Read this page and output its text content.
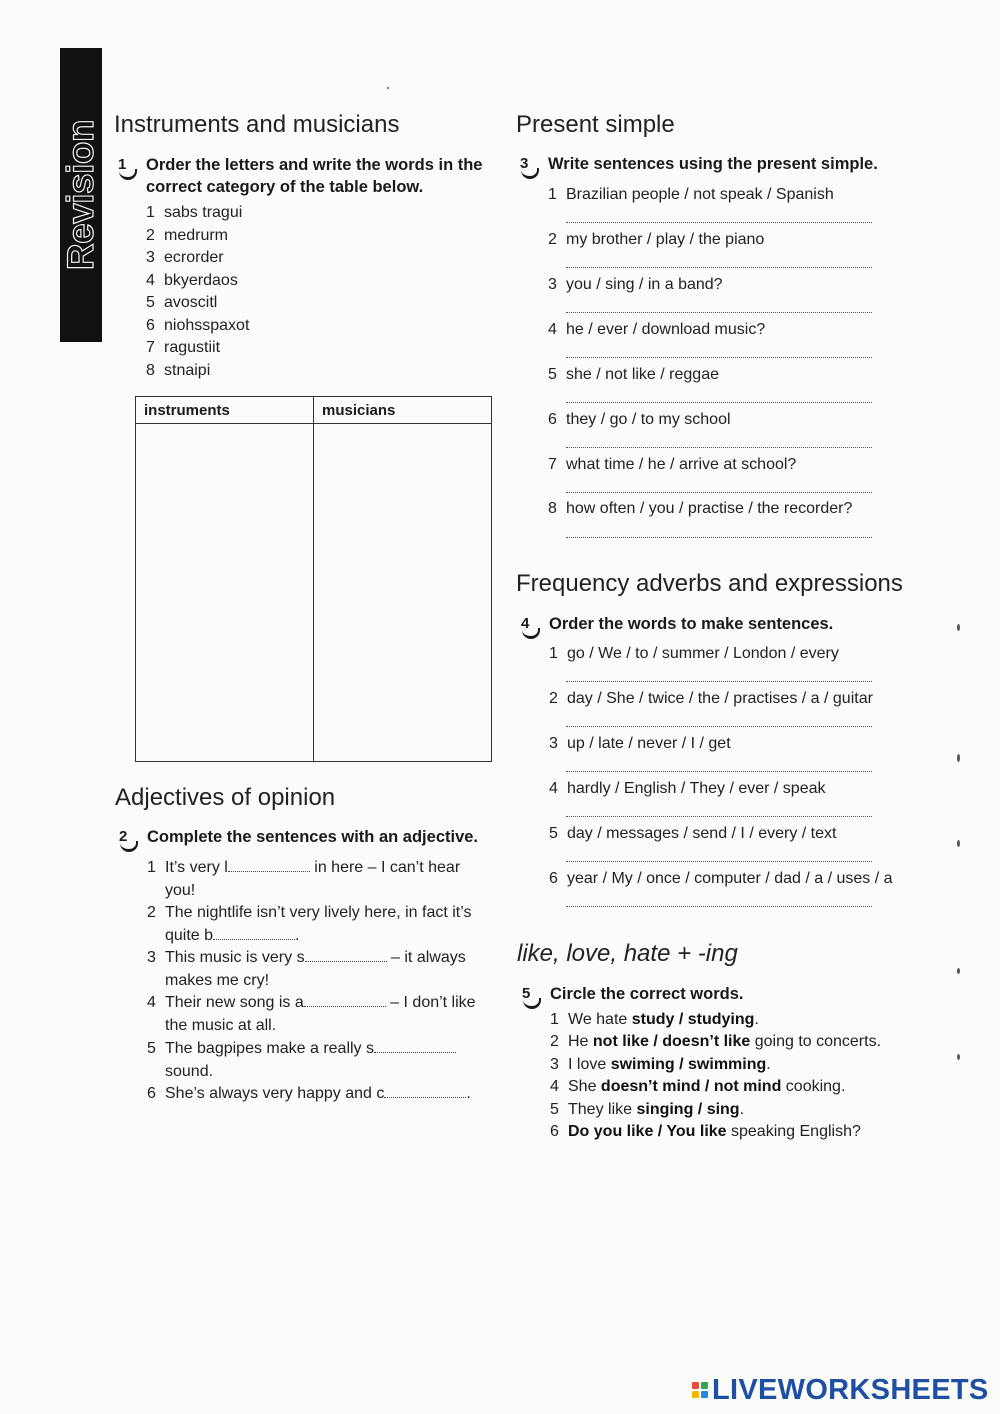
Revision Instruments and musicians
1 Order the letters and write the words in the correct category of the table below.
1 sabs tragui
2 medrurm
3 ecrorder
4 bkyerdaos
5 avoscitl
6 niohsspaxot
7 ragustiit
8 stnaipi
instruments	musicians

Adjectives of opinion
2 Complete the sentences with an adjective.
1 It’s very l	in here – I can’t hear you!
2 The nightlife isn’t very lively here, in fact it’s quite b	.
3 This music is very s	– it always makes me cry!
4 Their new song is a	– I don’t like the music at all.
5 The bagpipes make a really s sound.
6 She’s always very happy and c	.
Present simple
3 Write sentences using the present simple.
1 Brazilian people / not speak / Spanish
2 my brother / play / the piano
3 you / sing / in a band?
4 he / ever / download music?
5 she / not like / reggae
6 they / go / to my school
7 what time / he / arrive at school?
8 how often / you / practise / the recorder?
Frequency adverbs and expressions
4 Order the words to make sentences.
1 go / We / to / summer / London / every
2 day / She / twice / the / practises / a / guitar
3 up / late / never / I / get
4 hardly / English / They / ever / speak
5 day / messages / send / I / every / text
6 year / My / once / computer / dad / a / uses / a
like, love, hate + -ing
5 Circle the correct words.
1 We hate study / studying.
2 He not like / doesn’t like going to concerts.
3 I love swiming / swimming.
4 She doesn’t mind / not mind cooking.
5 They like singing / sing.
6 Do you like / You like speaking English?
LIVEWORKSHEETS
